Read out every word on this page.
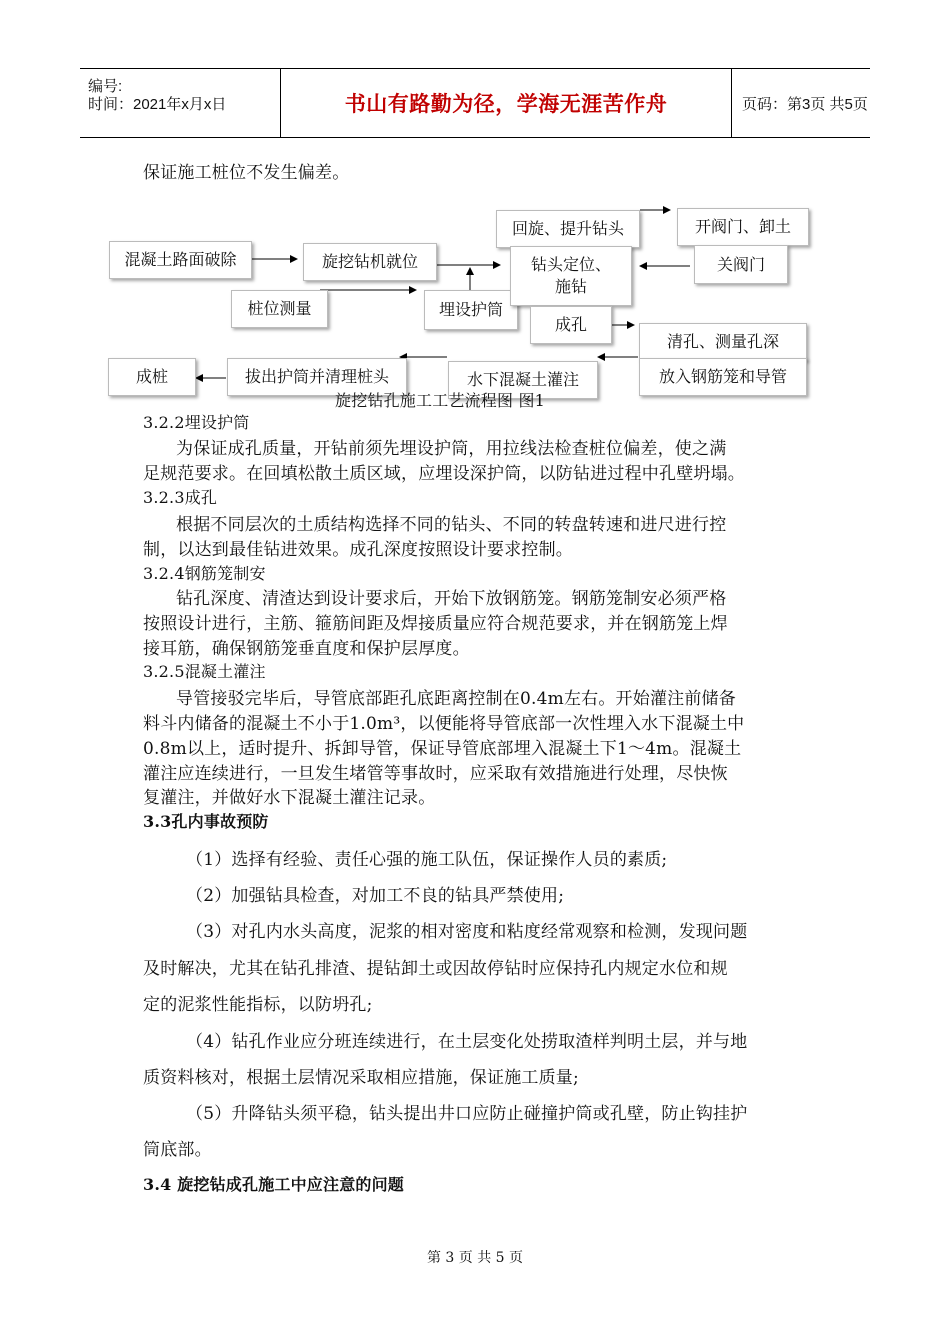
编号:
时间：2021年x月x日	书山有路勤为径，学海无涯苦作舟	页码：第3页 共5页
保证施工桩位不发生偏差。
混凝土路面破除	旋挖钻机就位
桩位测量	埋设护筒
回旋、提升钻头
钻头定位、
施钻
开阀门、卸土
关阀门
成孔
清孔、测量孔深
放入钢筋笼和导管
水下混凝土灌注
拔出护筒并清理桩头
成桩
旋挖钻孔施工工艺流程图 图1
3.2.2埋设护筒
为保证成孔质量，开钻前须先埋设护筒，用拉线法检查桩位偏差，使之满
足规范要求。在回填松散土质区域，应埋设深护筒，以防钻进过程中孔壁坍塌。
3.2.3成孔
根据不同层次的土质结构选择不同的钻头、不同的转盘转速和进尺进行控
制，以达到最佳钻进效果。成孔深度按照设计要求控制。
3.2.4钢筋笼制安
钻孔深度、清渣达到设计要求后，开始下放钢筋笼。钢筋笼制安必须严格
按照设计进行，主筋、箍筋间距及焊接质量应符合规范要求，并在钢筋笼上焊
接耳筋，确保钢筋笼垂直度和保护层厚度。
3.2.5混凝土灌注
导管接驳完毕后，导管底部距孔底距离控制在0.4m左右。开始灌注前储备
料斗内储备的混凝土不小于1.0m³，以便能将导管底部一次性埋入水下混凝土中
0.8m以上，适时提升、拆卸导管，保证导管底部埋入混凝土下1～4m。混凝土
灌注应连续进行，一旦发生堵管等事故时，应采取有效措施进行处理，尽快恢
复灌注，并做好水下混凝土灌注记录。
3.3孔内事故预防
（1）选择有经验、责任心强的施工队伍，保证操作人员的素质;
（2）加强钻具检查，对加工不良的钻具严禁使用;
（3）对孔内水头高度，泥浆的相对密度和粘度经常观察和检测，发现问题
及时解决，尤其在钻孔排渣、提钻卸土或因故停钻时应保持孔内规定水位和规
定的泥浆性能指标，以防坍孔;
（4）钻孔作业应分班连续进行，在土层变化处捞取渣样判明土层，并与地
质资料核对，根据土层情况采取相应措施，保证施工质量;
（5）升降钻头须平稳，钻头提出井口应防止碰撞护筒或孔壁，防止钩挂护
筒底部。
3.4 旋挖钻成孔施工中应注意的问题
第 3 页 共 5 页
